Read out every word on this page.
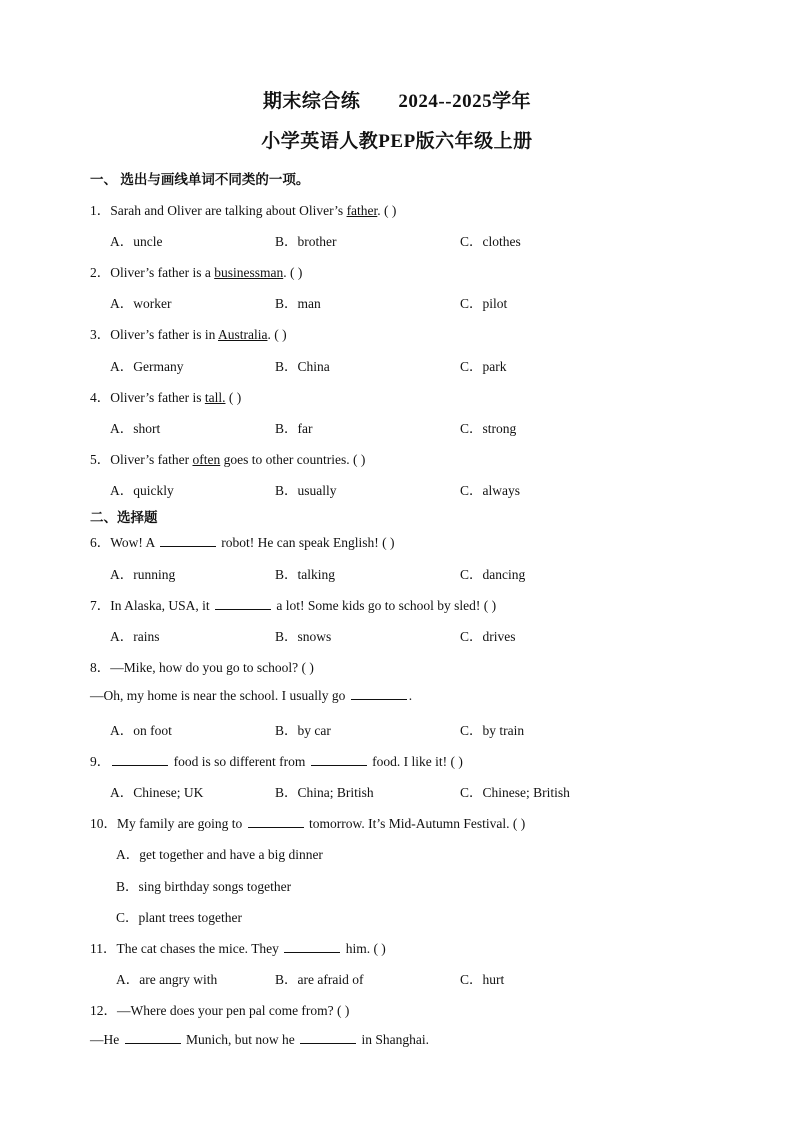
期末综合练 2024--2025学年
小学英语人教PEP版六年级上册
一、 选出与画线单词不同类的一项。
1．Sarah and Oliver are talking about Oliver’s father. ( )
A．uncle	B．brother	C．clothes
2．Oliver’s father is a businessman. ( )
A．worker	B．man	C．pilot
3．Oliver’s father is in Australia. ( )
A．Germany	B．China	C．park
4．Oliver’s father is tall. ( )
A．short	B．far	C．strong
5．Oliver’s father often goes to other countries. ( )
A．quickly	B．usually	C．always
二、选择题
6．Wow! A	robot! He can speak English! ( )
A．running	B．talking	C．dancing
7．In Alaska, USA, it	a lot! Some kids go to school by sled! ( )
A．rains	B．snows	C．drives
8．—Mike, how do you go to school? ( )
—Oh, my home is near the school. I usually go	.
A．on foot	B．by car	C．by train
9．	food is so different from	food. I like it! ( )
A．Chinese; UK	B．China; British	C．Chinese; British
10．My family are going to	tomorrow. It’s Mid-Autumn Festival. ( )
A．get together and have a big dinner
B．sing birthday songs together
C．plant trees together
11．The cat chases the mice. They	him. ( )
A．are angry with	B．are afraid of	C．hurt
12．—Where does your pen pal come from? ( )
—He	Munich, but now he	in Shanghai.
